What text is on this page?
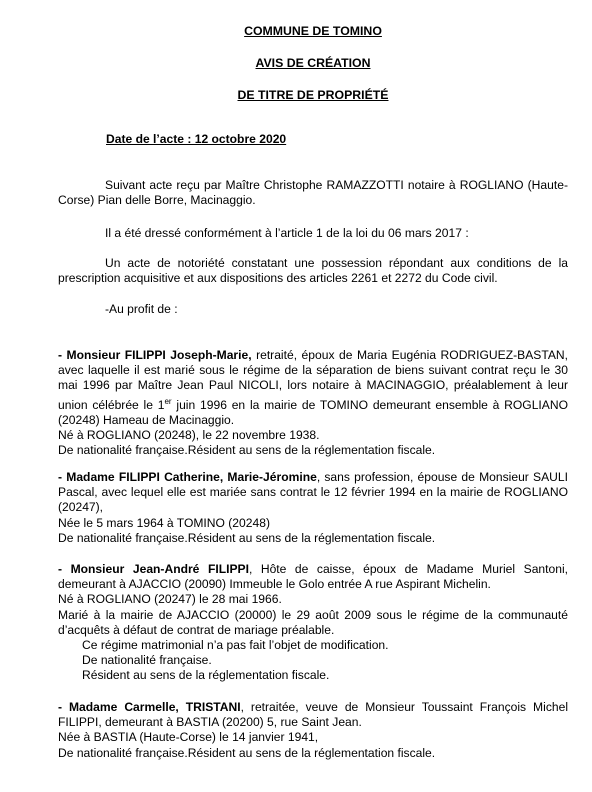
COMMUNE DE TOMINO
AVIS DE CRÉATION
DE TITRE DE PROPRIÉTÉ
Date de l’acte : 12 octobre 2020
Suivant acte reçu par Maître Christophe RAMAZZOTTI notaire à ROGLIANO (Haute-Corse) Pian delle Borre, Macinaggio.
Il a été dressé conformément à l’article 1 de la loi du 06 mars 2017 :
Un acte de notoriété constatant une possession répondant aux conditions de la prescription acquisitive et aux dispositions des articles 2261 et 2272 du Code civil.
-Au profit de :
- Monsieur FILIPPI Joseph-Marie, retraité, époux de Maria Eugénia RODRIGUEZ-BASTAN, avec laquelle il est marié sous le régime de la séparation de biens suivant contrat reçu le 30 mai 1996 par Maître Jean Paul NICOLI, lors notaire à MACINAGGIO, préalablement à leur union célébrée le 1er juin 1996 en la mairie de TOMINO demeurant ensemble à ROGLIANO (20248) Hameau de Macinaggio.
Né à ROGLIANO (20248), le 22 novembre 1938.
De nationalité française.Résident au sens de la réglementation fiscale.
- Madame FILIPPI Catherine, Marie-Jéromine, sans profession, épouse de Monsieur SAULI Pascal, avec lequel elle est mariée sans contrat le 12 février 1994 en la mairie de ROGLIANO (20247),
Née le 5 mars 1964 à TOMINO (20248)
De nationalité française.Résident au sens de la réglementation fiscale.
- Monsieur Jean-André FILIPPI, Hôte de caisse, époux de Madame Muriel Santoni, demeurant à AJACCIO (20090) Immeuble le Golo entrée A rue Aspirant Michelin.
Né à ROGLIANO (20247) le 28 mai 1966.
Marié à la mairie de AJACCIO (20000) le 29 août 2009 sous le régime de la communauté d’acquêts à défaut de contrat de mariage préalable.
Ce régime matrimonial n’a pas fait l’objet de modification.
De nationalité française.
Résident au sens de la réglementation fiscale.
- Madame Carmelle, TRISTANI, retraitée, veuve de Monsieur Toussaint François Michel FILIPPI, demeurant à BASTIA (20200) 5, rue Saint Jean.
Née à BASTIA (Haute-Corse) le 14 janvier 1941,
De nationalité française.Résident au sens de la réglementation fiscale.
